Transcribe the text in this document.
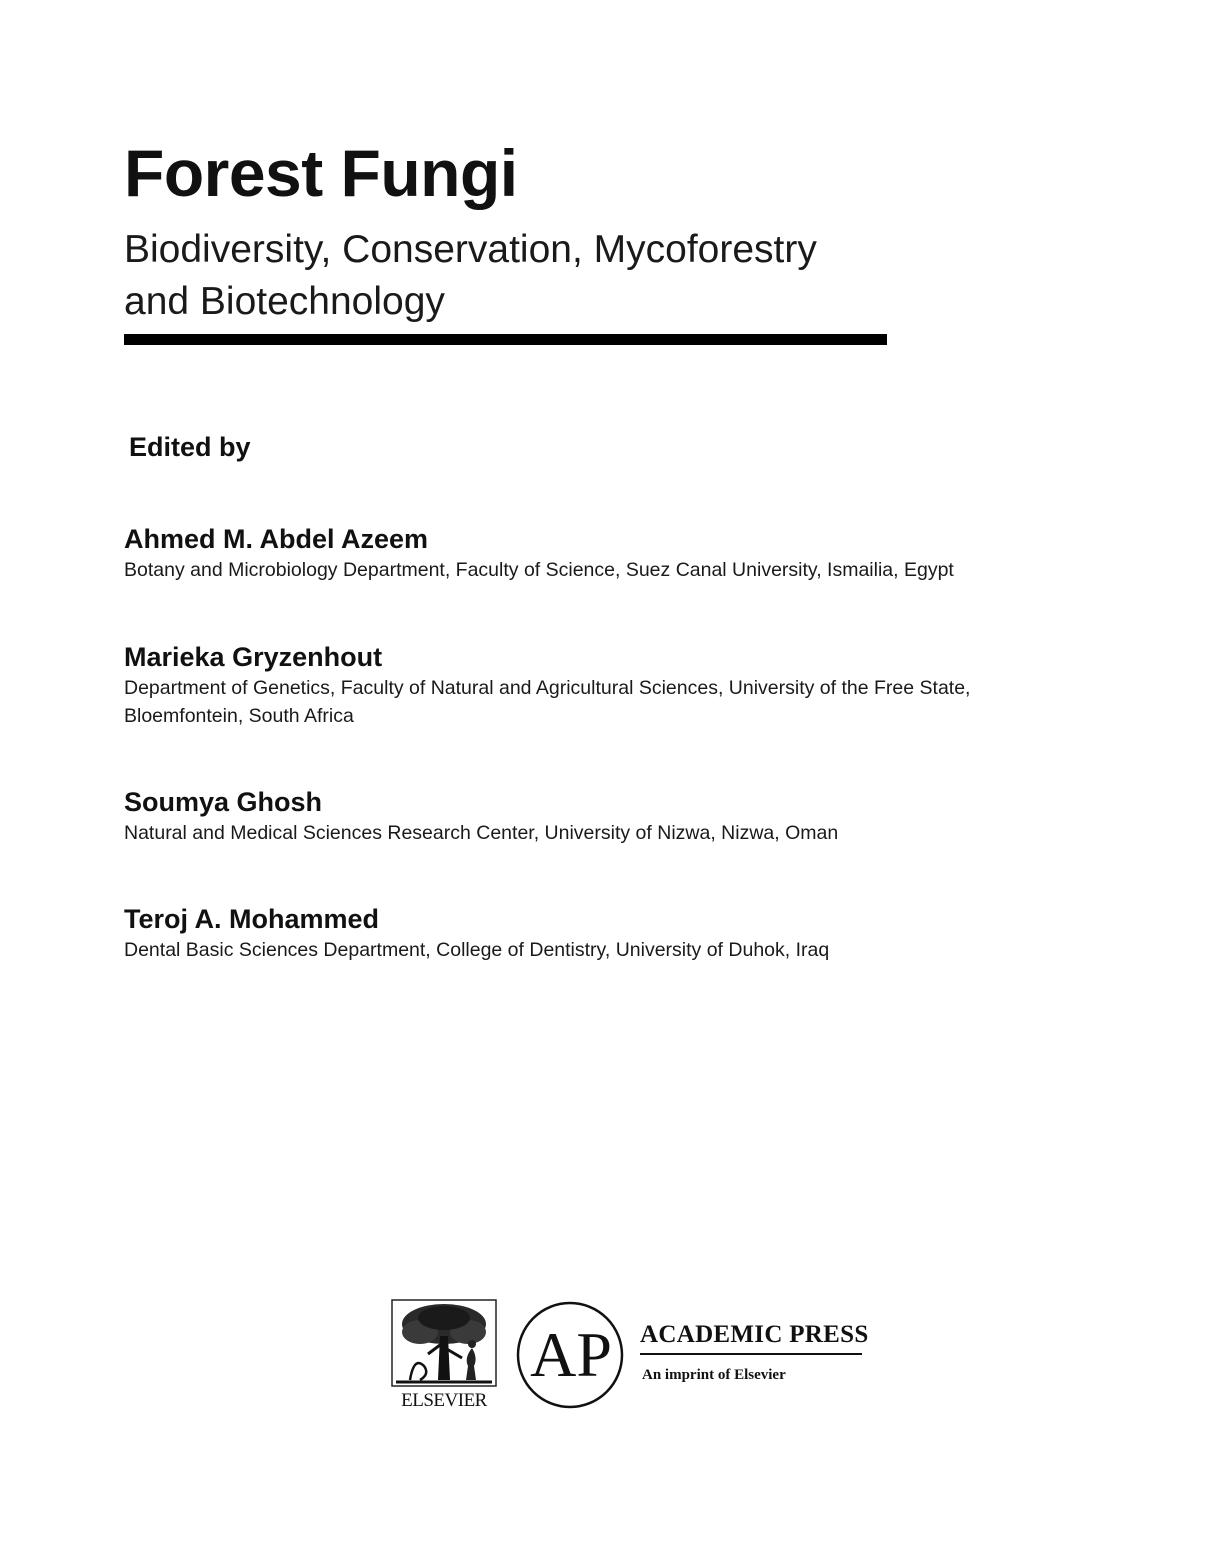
Forest Fungi
Biodiversity, Conservation, Mycoforestry
and Biotechnology
Edited by
Ahmed M. Abdel Azeem
Botany and Microbiology Department, Faculty of Science, Suez Canal University, Ismailia, Egypt
Marieka Gryzenhout
Department of Genetics, Faculty of Natural and Agricultural Sciences, University of the Free State,
Bloemfontein, South Africa
Soumya Ghosh
Natural and Medical Sciences Research Center, University of Nizwa, Nizwa, Oman
Teroj A. Mohammed
Dental Basic Sciences Department, College of Dentistry, University of Duhok, Iraq
ELSEVIER
AP ACADEMIC PRESS
An imprint of Elsevier
